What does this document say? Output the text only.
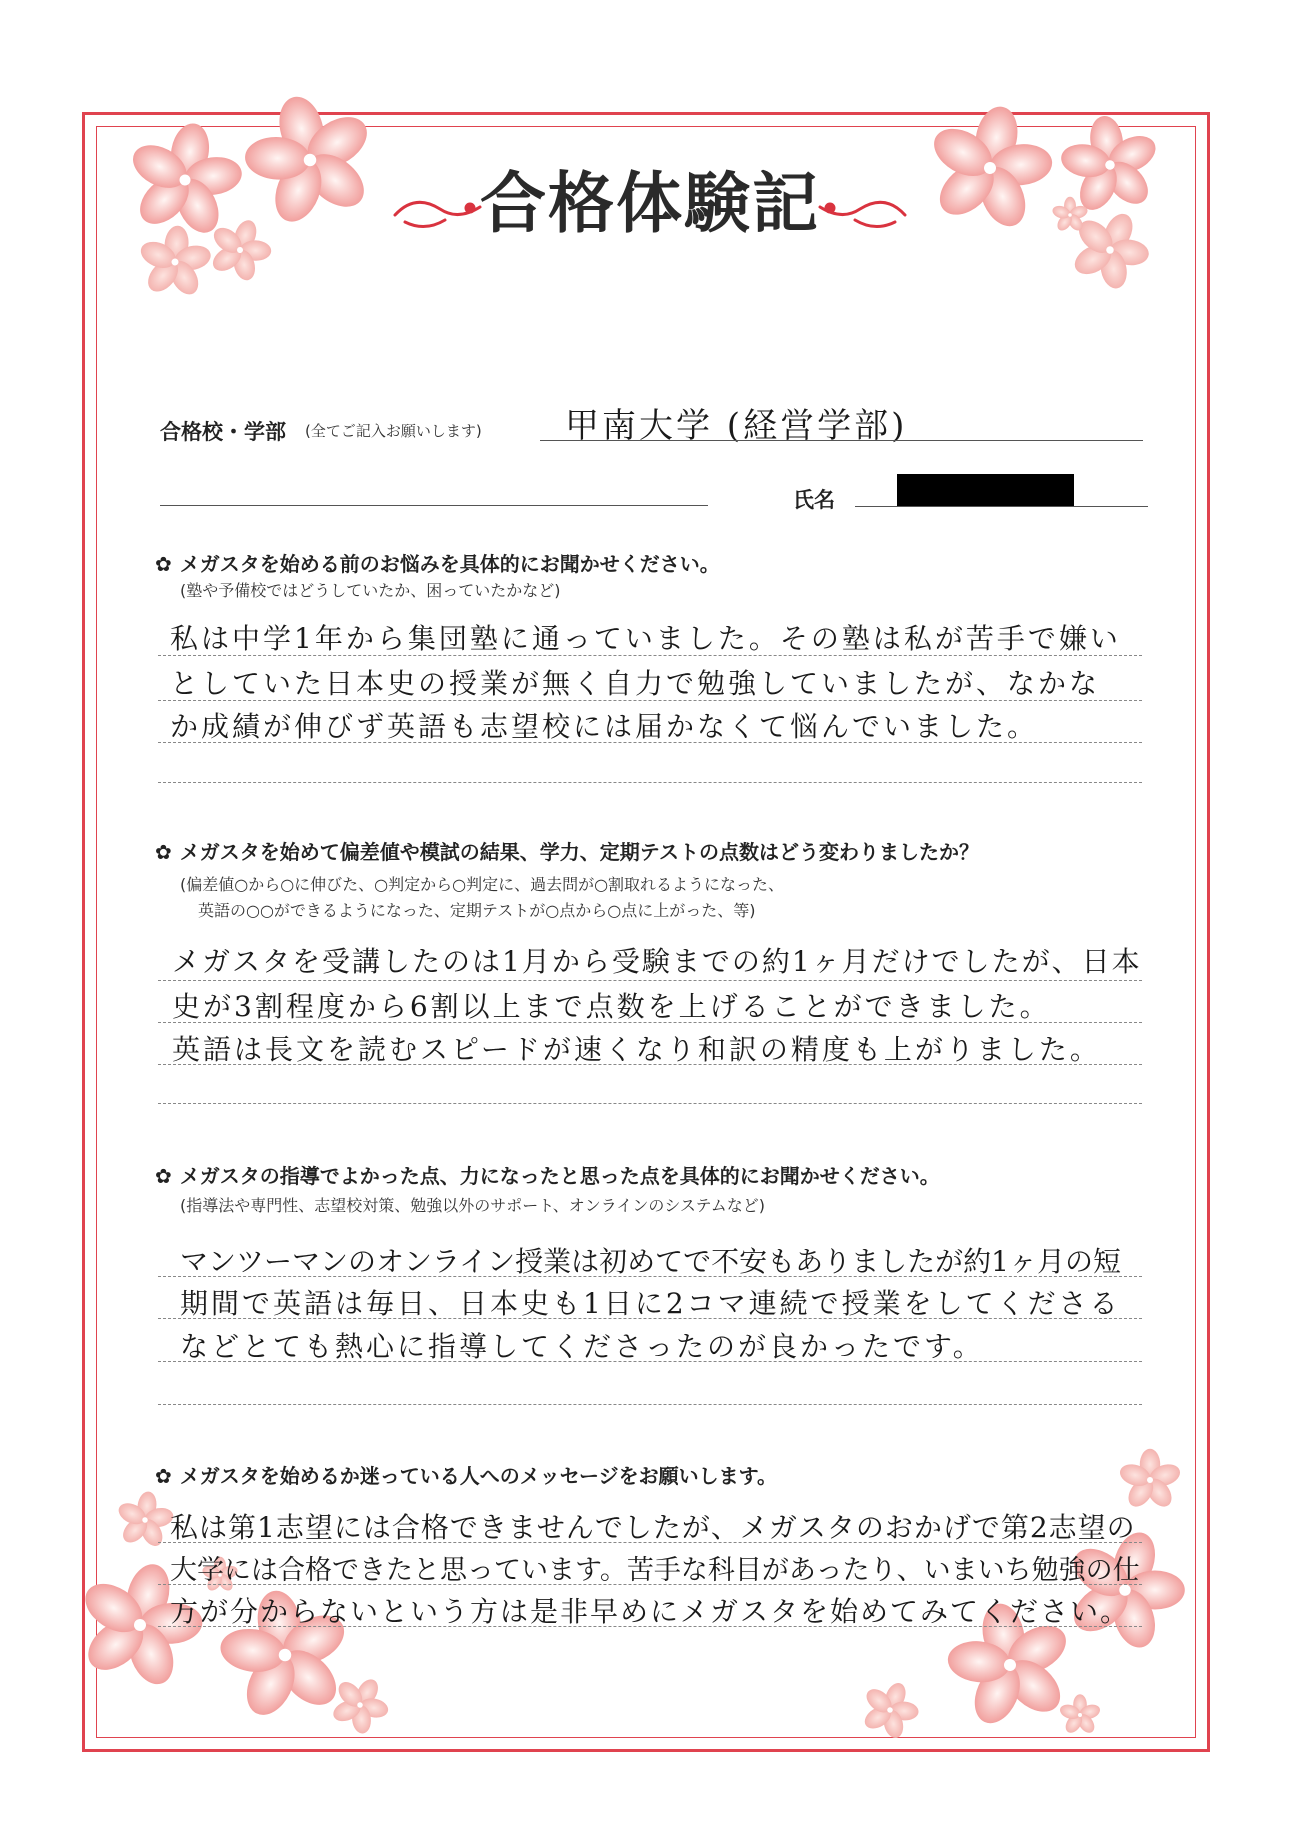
合格体験記
合格校・学部 (全てご記入お願いします) 甲南大学 (経営学部)
氏名
✿ メガスタを始める前のお悩みを具体的にお聞かせください。
(塾や予備校ではどうしていたか、困っていたかなど)
私は中学1年から集団塾に通っていました。その塾は私が苦手で嫌い
としていた日本史の授業が無く自力で勉強していましたが、なかな
か成績が伸びず英語も志望校には届かなくて悩んでいました。
✿ メガスタを始めて偏差値や模試の結果、学力、定期テストの点数はどう変わりましたか？
(偏差値○から○に伸びた、○判定から○判定に、過去問が○割取れるようになった、
英語の○○ができるようになった、定期テストが○点から○点に上がった、等)
メガスタを受講したのは1月から受験までの約1ヶ月だけでしたが、日本
史が3割程度から6割以上まで点数を上げることができました。
英語は長文を読むスピードが速くなり和訳の精度も上がりました。
✿ メガスタの指導でよかった点、力になったと思った点を具体的にお聞かせください。
(指導法や専門性、志望校対策、勉強以外のサポート、オンラインのシステムなど)
マンツーマンのオンライン授業は初めてで不安もありましたが約1ヶ月の短
期間で英語は毎日、日本史も1日に2コマ連続で授業をしてくださる
などとても熱心に指導してくださったのが良かったです。
✿ メガスタを始めるか迷っている人へのメッセージをお願いします。
私は第1志望には合格できませんでしたが、メガスタのおかげで第2志望の
大学には合格できたと思っています。苦手な科目があったり、いまいち勉強の仕
方が分からないという方は是非早めにメガスタを始めてみてください。
